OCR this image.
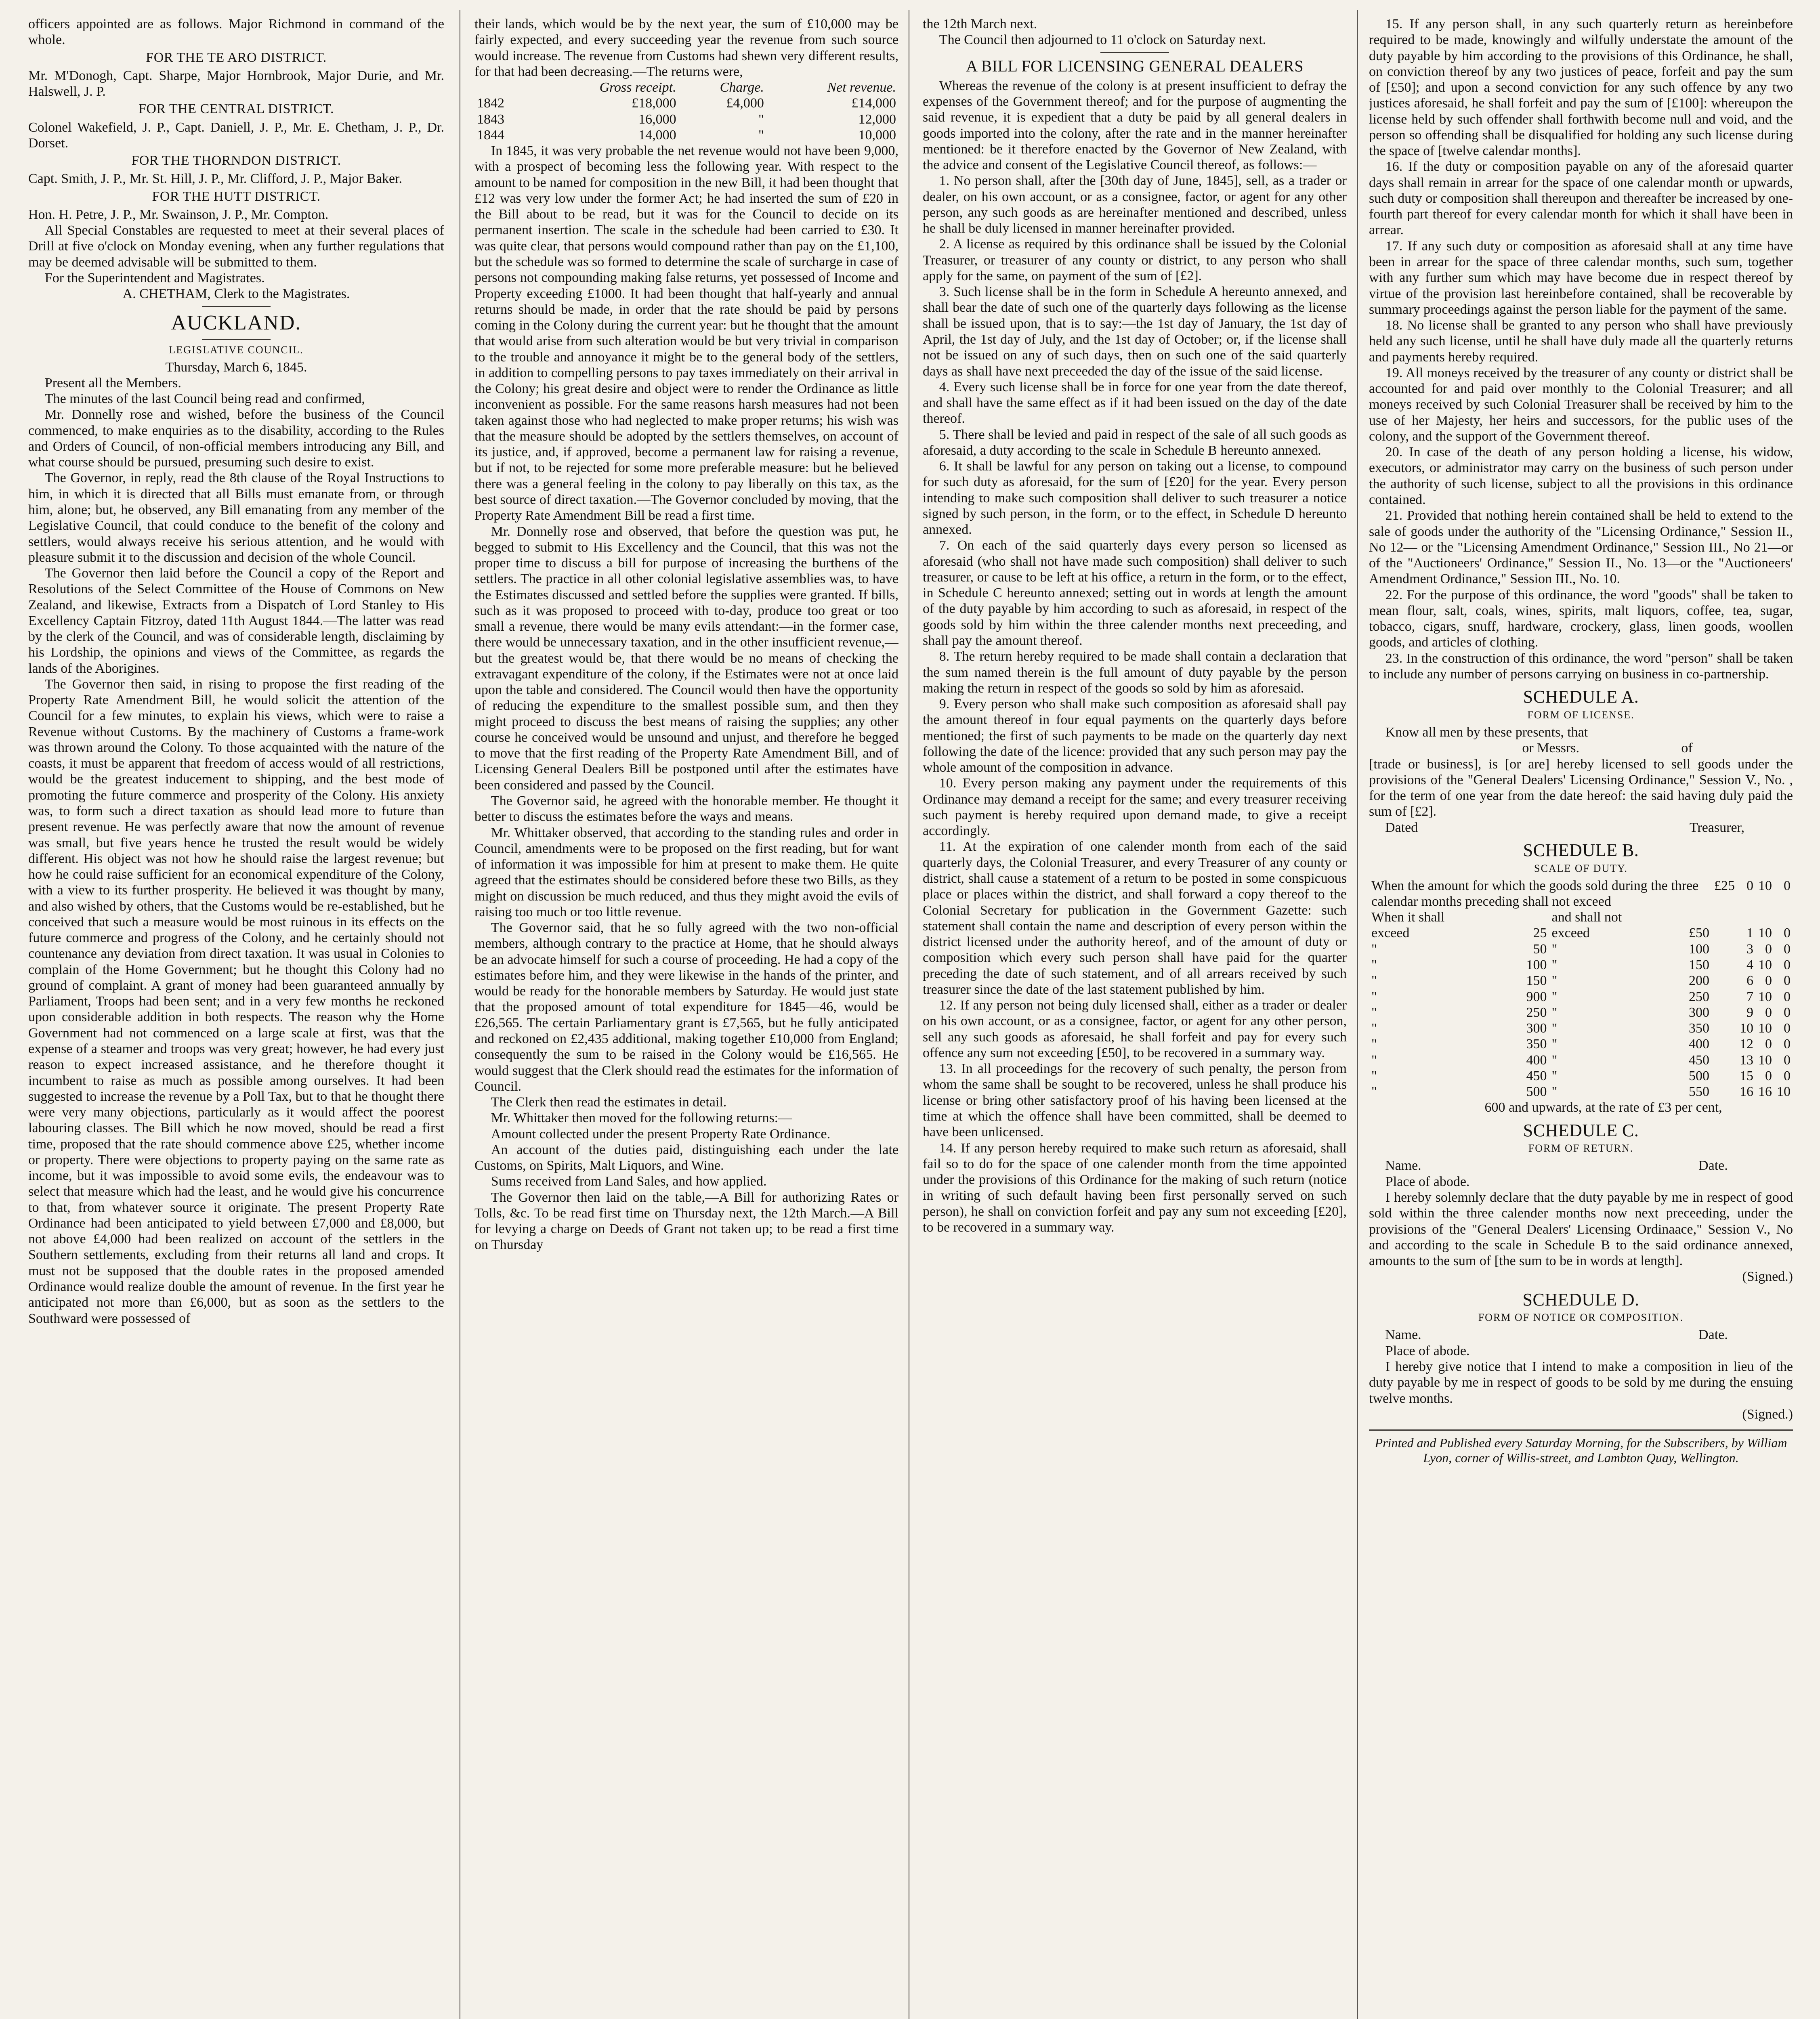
officers appointed are as follows. Major Richmond in command of the whole.

FOR THE TE ARO DISTRICT.

Mr. M'Donogh, Capt. Sharpe, Major Hornbrook, Major Durie, and Mr. Halswell, J. P.

FOR THE CENTRAL DISTRICT.

Colonel Wakefield, J. P., Capt. Daniell, J. P., Mr. E. Chetham, J. P., Dr. Dorset.

FOR THE THORNDON DISTRICT.

Capt. Smith, J. P., Mr. St. Hill, J. P., Mr. Clifford, J. P., Major Baker.

FOR THE HUTT DISTRICT.

Hon. H. Petre, J. P., Mr. Swainson, J. P., Mr. Compton.

All Special Constables are requested to meet at their several places of Drill at five o'clock on Monday evening, when any further regulations that may be deemed advisable will be submitted to them.

For the Superintendent and Magistrates.

A. CHETHAM, Clerk to the Magistrates.

AUCKLAND.
LEGISLATIVE COUNCIL.

Thursday, March 6, 1845.

Present all the Members.

The minutes of the last Council being read and confirmed,

Mr. Donnelly rose and wished, before the business of the Council commenced, to make enquiries as to the disability, according to the Rules and Orders of Council, of non-official members introducing any Bill, and what course should be pursued, presuming such desire to exist.

The Governor, in reply, read the 8th clause of the Royal Instructions to him, in which it is directed that all Bills must emanate from, or through him, alone; but, he observed, any Bill emanating from any member of the Legislative Council, that could conduce to the benefit of the colony and settlers, would always receive his serious attention, and he would with pleasure submit it to the discussion and decision of the whole Council.

The Governor then laid before the Council a copy of the Report and Resolutions of the Select Committee of the House of Commons on New Zealand, and likewise, Extracts from a Dispatch of Lord Stanley to His Excellency Captain Fitzroy, dated 11th August 1844.—The latter was read by the clerk of the Council, and was of considerable length, disclaiming by his Lordship, the opinions and views of the Committee, as regards the lands of the Aborigines.

The Governor then said, in rising to propose the first reading of the Property Rate Amendment Bill, he would solicit the attention of the Council for a few minutes, to explain his views, which were to raise a Revenue without Customs. By the machinery of Customs a frame-work was thrown around the Colony. To those acquainted with the nature of the coasts, it must be apparent that freedom of access would of all restrictions, would be the greatest inducement to shipping, and the best mode of promoting the future commerce and prosperity of the Colony. His anxiety was, to form such a direct taxation as should lead more to future than present revenue. He was perfectly aware that now the amount of revenue was small, but five years hence he trusted the result would be widely different. His object was not how he should raise the largest revenue; but how he could raise sufficient for an economical expenditure of the Colony, with a view to its further prosperity. He believed it was thought by many, and also wished by others, that the Customs would be re-established, but he conceived that such a measure would be most ruinous in its effects on the future commerce and progress of the Colony, and he certainly should not countenance any deviation from direct taxation. It was usual in Colonies to complain of the Home Government; but he thought this Colony had no ground of complaint. A grant of money had been guaranteed annually by Parliament, Troops had been sent; and in a very few months he reckoned upon considerable addition in both respects. The reason why the Home Government had not commenced on a large scale at first, was that the expense of a steamer and troops was very great; however, he had every just reason to expect increased assistance, and he therefore thought it incumbent to raise as much as possible among ourselves. It had been suggested to increase the revenue by a Poll Tax, but to that he thought there were very many objections, particularly as it would affect the poorest labouring classes. The Bill which he now moved, should be read a first time, proposed that the rate should commence above £25, whether income or property. There were objections to property paying on the same rate as income, but it was impossible to avoid some evils, the endeavour was to select that measure which had the least, and he would give his concurrence to that, from whatever source it originate. The present Property Rate Ordinance had been anticipated to yield between £7,000 and £8,000, but not above £4,000 had been realized on account of the settlers in the Southern settlements, excluding from their returns all land and crops. It must not be supposed that the double rates in the proposed amended Ordinance would realize double the amount of revenue. In the first year he anticipated not more than £6,000, but as soon as the settlers to the Southward were possessed of

their lands, which would be by the next year, the sum of £10,000 may be fairly expected, and every succeeding year the revenue from such source would increase. The revenue from Customs had shewn very different results, for that had been decreasing.—The returns were,

	Gross receipt.	Charge.	Net revenue.
1842	£18,000	£4,000	£14,000
1843	16,000	"	12,000
1844	14,000	"	10,000

In 1845, it was very probable the net revenue would not have been 9,000, with a prospect of becoming less the following year. With respect to the amount to be named for composition in the new Bill, it had been thought that £12 was very low under the former Act; he had inserted the sum of £20 in the Bill about to be read, but it was for the Council to decide on its permanent insertion. The scale in the schedule had been carried to £30. It was quite clear, that persons would compound rather than pay on the £1,100, but the schedule was so formed to determine the scale of surcharge in case of persons not compounding making false returns, yet possessed of Income and Property exceeding £1000. It had been thought that half-yearly and annual returns should be made, in order that the rate should be paid by persons coming in the Colony during the current year: but he thought that the amount that would arise from such alteration would be but very trivial in comparison to the trouble and annoyance it might be to the general body of the settlers, in addition to compelling persons to pay taxes immediately on their arrival in the Colony; his great desire and object were to render the Ordinance as little inconvenient as possible. For the same reasons harsh measures had not been taken against those who had neglected to make proper returns; his wish was that the measure should be adopted by the settlers themselves, on account of its justice, and, if approved, become a permanent law for raising a revenue, but if not, to be rejected for some more preferable measure: but he believed there was a general feeling in the colony to pay liberally on this tax, as the best source of direct taxation.—The Governor concluded by moving, that the Property Rate Amendment Bill be read a first time.

Mr. Donnelly rose and observed, that before the question was put, he begged to submit to His Excellency and the Council, that this was not the proper time to discuss a bill for purpose of increasing the burthens of the settlers. The practice in all other colonial legislative assemblies was, to have the Estimates discussed and settled before the supplies were granted. If bills, such as it was proposed to proceed with to-day, produce too great or too small a revenue, there would be many evils attendant:—in the former case, there would be unnecessary taxation, and in the other insufficient revenue,—but the greatest would be, that there would be no means of checking the extravagant expenditure of the colony, if the Estimates were not at once laid upon the table and considered. The Council would then have the opportunity of reducing the expenditure to the smallest possible sum, and then they might proceed to discuss the best means of raising the supplies; any other course he conceived would be unsound and unjust, and therefore he begged to move that the first reading of the Property Rate Amendment Bill, and of Licensing General Dealers Bill be postponed until after the estimates have been considered and passed by the Council.

The Governor said, he agreed with the honorable member. He thought it better to discuss the estimates before the ways and means.

Mr. Whittaker observed, that according to the standing rules and order in Council, amendments were to be proposed on the first reading, but for want of information it was impossible for him at present to make them. He quite agreed that the estimates should be considered before these two Bills, as they might on discussion be much reduced, and thus they might avoid the evils of raising too much or too little revenue.

The Governor said, that he so fully agreed with the two non-official members, although contrary to the practice at Home, that he should always be an advocate himself for such a course of proceeding. He had a copy of the estimates before him, and they were likewise in the hands of the printer, and would be ready for the honorable members by Saturday. He would just state that the proposed amount of total expenditure for 1845—46, would be £26,565. The certain Parliamentary grant is £7,565, but he fully anticipated and reckoned on £2,435 additional, making together £10,000 from England; consequently the sum to be raised in the Colony would be £16,565. He would suggest that the Clerk should read the estimates for the information of Council.

The Clerk then read the estimates in detail.

Mr. Whittaker then moved for the following returns:—

Amount collected under the present Property Rate Ordinance.

An account of the duties paid, distinguishing each under the late Customs, on Spirits, Malt Liquors, and Wine.

Sums received from Land Sales, and how applied.

The Governor then laid on the table,—A Bill for authorizing Rates or Tolls, &c. To be read first time on Thursday next, the 12th March.—A Bill for levying a charge on Deeds of Grant not taken up; to be read a first time on Thursday

the 12th March next.

The Council then adjourned to 11 o'clock on Saturday next.

A BILL FOR LICENSING GENERAL DEALERS

Whereas the revenue of the colony is at present insufficient to defray the expenses of the Government thereof; and for the purpose of augmenting the said revenue, it is expedient that a duty be paid by all general dealers in goods imported into the colony, after the rate and in the manner hereinafter mentioned: be it therefore enacted by the Governor of New Zealand, with the advice and consent of the Legislative Council thereof, as follows:—

1. No person shall, after the [30th day of June, 1845], sell, as a trader or dealer, on his own account, or as a consignee, factor, or agent for any other person, any such goods as are hereinafter mentioned and described, unless he shall be duly licensed in manner hereinafter provided.

2. A license as required by this ordinance shall be issued by the Colonial Treasurer, or treasurer of any county or district, to any person who shall apply for the same, on payment of the sum of [£2].

3. Such license shall be in the form in Schedule A hereunto annexed, and shall bear the date of such one of the quarterly days following as the license shall be issued upon, that is to say:—the 1st day of January, the 1st day of April, the 1st day of July, and the 1st day of October; or, if the license shall not be issued on any of such days, then on such one of the said quarterly days as shall have next preceeded the day of the issue of the said license.

4. Every such license shall be in force for one year from the date thereof, and shall have the same effect as if it had been issued on the day of the date thereof.

5. There shall be levied and paid in respect of the sale of all such goods as aforesaid, a duty according to the scale in Schedule B hereunto annexed.

6. It shall be lawful for any person on taking out a license, to compound for such duty as aforesaid, for the sum of [£20] for the year. Every person intending to make such composition shall deliver to such treasurer a notice signed by such person, in the form, or to the effect, in Schedule D hereunto annexed.

7. On each of the said quarterly days every person so licensed as aforesaid (who shall not have made such composition) shall deliver to such treasurer, or cause to be left at his office, a return in the form, or to the effect, in Schedule C hereunto annexed; setting out in words at length the amount of the duty payable by him according to such as aforesaid, in respect of the goods sold by him within the three calender months next preceeding, and shall pay the amount thereof.

8. The return hereby required to be made shall contain a declaration that the sum named therein is the full amount of duty payable by the person making the return in respect of the goods so sold by him as aforesaid.

9. Every person who shall make such composition as aforesaid shall pay the amount thereof in four equal payments on the quarterly days before mentioned; the first of such payments to be made on the quarterly day next following the date of the licence: provided that any such person may pay the whole amount of the composition in advance.

10. Every person making any payment under the requirements of this Ordinance may demand a receipt for the same; and every treasurer receiving such payment is hereby required upon demand made, to give a receipt accordingly.

11. At the expiration of one calender month from each of the said quarterly days, the Colonial Treasurer, and every Treasurer of any county or district, shall cause a statement of a return to be posted in some conspicuous place or places within the district, and shall forward a copy thereof to the Colonial Secretary for publication in the Government Gazette: such statement shall contain the name and description of every person within the district licensed under the authority hereof, and of the amount of duty or composition which every such person shall have paid for the quarter preceding the date of such statement, and of all arrears received by such treasurer since the date of the last statement published by him.

12. If any person not being duly licensed shall, either as a trader or dealer on his own account, or as a consignee, factor, or agent for any other person, sell any such goods as aforesaid, he shall forfeit and pay for every such offence any sum not exceeding [£50], to be recovered in a summary way.

13. In all proceedings for the recovery of such penalty, the person from whom the same shall be sought to be recovered, unless he shall produce his license or bring other satisfactory proof of his having been licensed at the time at which the offence shall have been committed, shall be deemed to have been unlicensed.

14. If any person hereby required to make such return as aforesaid, shall fail so to do for the space of one calender month from the time appointed under the provisions of this Ordinance for the making of such return (notice in writing of such default having been first personally served on such person), he shall on conviction forfeit and pay any sum not exceeding [£20], to be recovered in a summary way.

15. If any person shall, in any such quarterly return as hereinbefore required to be made, knowingly and wilfully understate the amount of the duty payable by him according to the provisions of this Ordinance, he shall, on conviction thereof by any two justices of peace, forfeit and pay the sum of [£50]; and upon a second conviction for any such offence by any two justices aforesaid, he shall forfeit and pay the sum of [£100]: whereupon the license held by such offender shall forthwith become null and void, and the person so offending shall be disqualified for holding any such license during the space of [twelve calendar months].

16. If the duty or composition payable on any of the aforesaid quarter days shall remain in arrear for the space of one calendar month or upwards, such duty or composition shall thereupon and thereafter be increased by one-fourth part thereof for every calendar month for which it shall have been in arrear.

17. If any such duty or composition as aforesaid shall at any time have been in arrear for the space of three calendar months, such sum, together with any further sum which may have become due in respect thereof by virtue of the provision last hereinbefore contained, shall be recoverable by summary proceedings against the person liable for the payment of the same.

18. No license shall be granted to any person who shall have previously held any such license, until he shall have duly made all the quarterly returns and payments hereby required.

19. All moneys received by the treasurer of any county or district shall be accounted for and paid over monthly to the Colonial Treasurer; and all moneys received by such Colonial Treasurer shall be received by him to the use of her Majesty, her heirs and successors, for the public uses of the colony, and the support of the Government thereof.

20. In case of the death of any person holding a license, his widow, executors, or administrator may carry on the business of such person under the authority of such license, subject to all the provisions in this ordinance contained.

21. Provided that nothing herein contained shall be held to extend to the sale of goods under the authority of the "Licensing Ordinance," Session II., No 12— or the "Licensing Amendment Ordinance," Session III., No 21—or of the "Auctioneers' Ordinance," Session II., No. 13—or the "Auctioneers' Amendment Ordinance," Session III., No. 10.

22. For the purpose of this ordinance, the word "goods" shall be taken to mean flour, salt, coals, wines, spirits, malt liquors, coffee, tea, sugar, tobacco, cigars, snuff, hardware, crockery, glass, linen goods, woollen goods, and articles of clothing.

23. In the construction of this ordinance, the word "person" shall be taken to include any number of persons carrying on business in co-partnership.

SCHEDULE A.
FORM OF LICENSE.

Know all men by these presents, that

or Messrs.	of

[trade or business], is [or are] hereby licensed to sell goods under the provisions of the "General Dealers' Licensing Ordinance," Session V., No. , for the term of one year from the date hereof: the said having duly paid the sum of [£2].

Dated	Treasurer,
SCHEDULE B.
SCALE OF DUTY.
When the amount for which the goods sold during the three calendar months preceding shall not exceed				£25	0	10	0
When it shall		and shall not					
exceed	25	exceed	£50		1	10	0
"	50	"	100		3	0	0
"	100	"	150		4	10	0
"	150	"	200		6	0	0
"	900	"	250		7	10	0
"	250	"	300		9	0	0
"	300	"	350		10	10	0
"	350	"	400		12	0	0
"	400	"	450		13	10	0
"	450	"	500		15	0	0
"	500	"	550		16	16	10
	600 and upwards, at the rate of £3 per cent,						
SCHEDULE C.
FORM OF RETURN.
Name.	Date.

Place of abode.

I hereby solemnly declare that the duty payable by me in respect of good sold within the three calender months now next preceeding, under the provisions of the "General Dealers' Licensing Ordinaace," Session V., No and according to the scale in Schedule B to the said ordinance annexed, amounts to the sum of [the sum to be in words at length].

(Signed.)

SCHEDULE D.
FORM OF NOTICE OR COMPOSITION.
Name.	Date.

Place of abode.

I hereby give notice that I intend to make a composition in lieu of the duty payable by me in respect of goods to be sold by me during the ensuing twelve months.

(Signed.)

Printed and Published every Saturday Morning, for the Subscribers, by William Lyon, corner of Willis-street, and Lambton Quay, Wellington.
